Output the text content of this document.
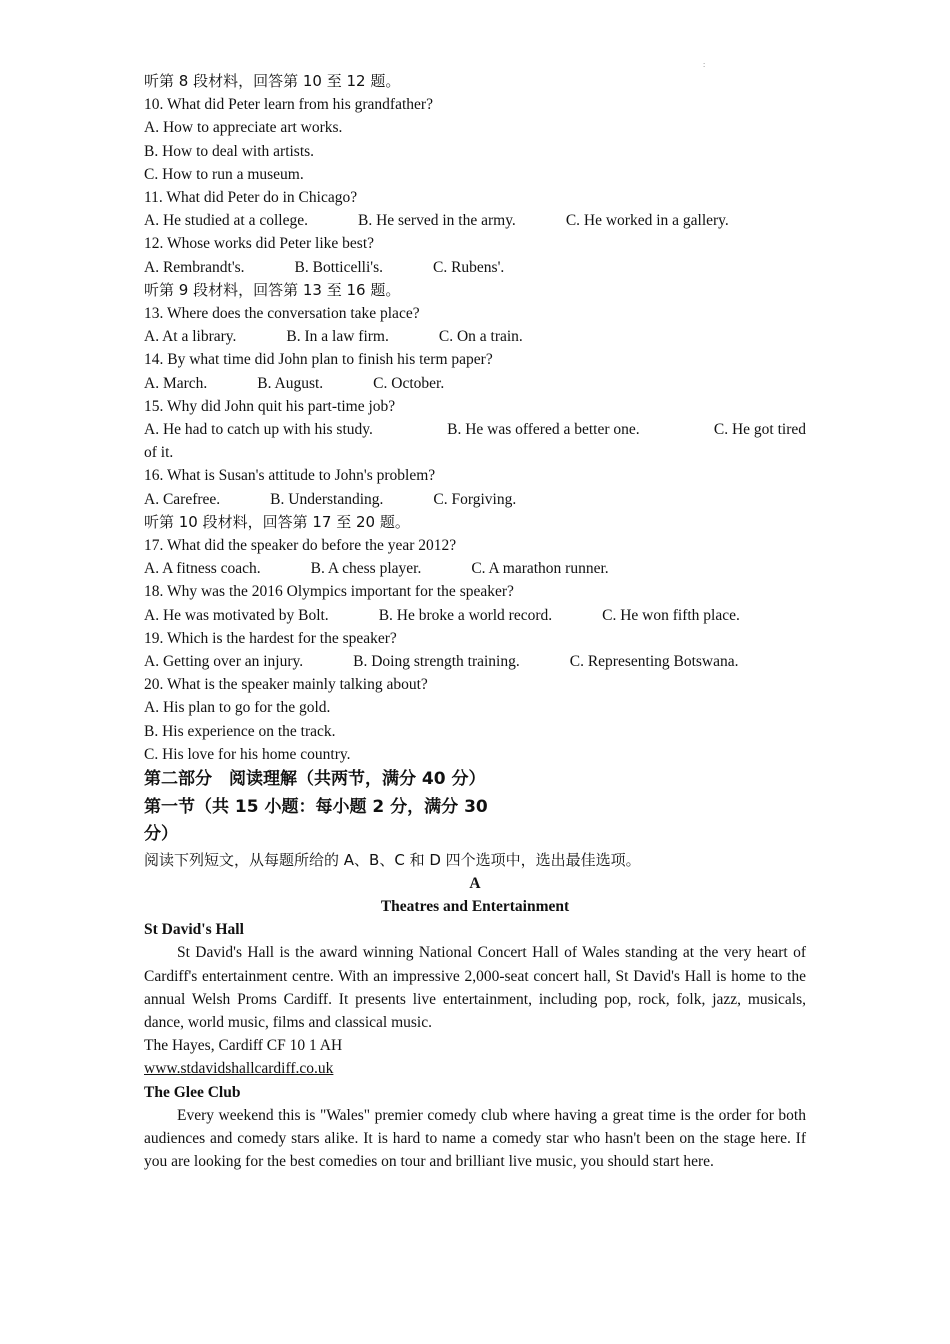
:
听第 8 段材料，回答第 10 至 12 题。
10. What did Peter learn from his grandfather?
A. How to appreciate art works.
B. How to deal with artists.
C. How to run a museum.
11. What did Peter do in Chicago?
A. He studied at a college.	B. He served in the army.	C. He worked in a gallery.
12. Whose works did Peter like best?
A. Rembrandt's.	B. Botticelli's.	C. Rubens'.
听第 9 段材料，回答第 13 至 16 题。
13. Where does the conversation take place?
A. At a library.	B. In a law firm.	C. On a train.
14. By what time did John plan to finish his term paper?
A. March.	B. August.	C. October.
15. Why did John quit his part-time job?
A. He had to catch up with his study.	B. He was offered a better one.	C. He got tired
of it.
16. What is Susan's attitude to John's problem?
A. Carefree.	B. Understanding.	C. Forgiving.
听第 10 段材料，回答第 17 至 20 题。
17. What did the speaker do before the year 2012?
A. A fitness coach.	B. A chess player.	C. A marathon runner.
18. Why was the 2016 Olympics important for the speaker?
A. He was motivated by Bolt.	B. He broke a world record.	C. He won fifth place.
19. Which is the hardest for the speaker?
A. Getting over an injury.	B. Doing strength training.	C. Representing Botswana.
20. What is the speaker mainly talking about?
A. His plan to go for the gold.
B. His experience on the track.
C. His love for his home country.
第二部分　阅读理解（共两节，满分 40 分）
第一节（共 15 小题：每小题 2 分，满分 30
分）
阅读下列短文，从每题所给的 A、B、C 和 D 四个选项中，选出最佳选项。
A
Theatres and Entertainment
St David's Hall
St David's Hall is the award winning National Concert Hall of Wales standing at the very heart of Cardiff's entertainment centre. With an impressive 2,000-seat concert hall, St David's Hall is home to the annual Welsh Proms Cardiff. It presents live entertainment, including pop, rock, folk, jazz, musicals, dance, world music, films and classical music.
The Hayes, Cardiff CF 10 1 AH
www.stdavidshallcardiff.co.uk
The Glee Club
Every weekend this is "Wales" premier comedy club where having a great time is the order for both audiences and comedy stars alike. It is hard to name a comedy star who hasn't been on the stage here. If you are looking for the best comedies on tour and brilliant live music, you should start here.
